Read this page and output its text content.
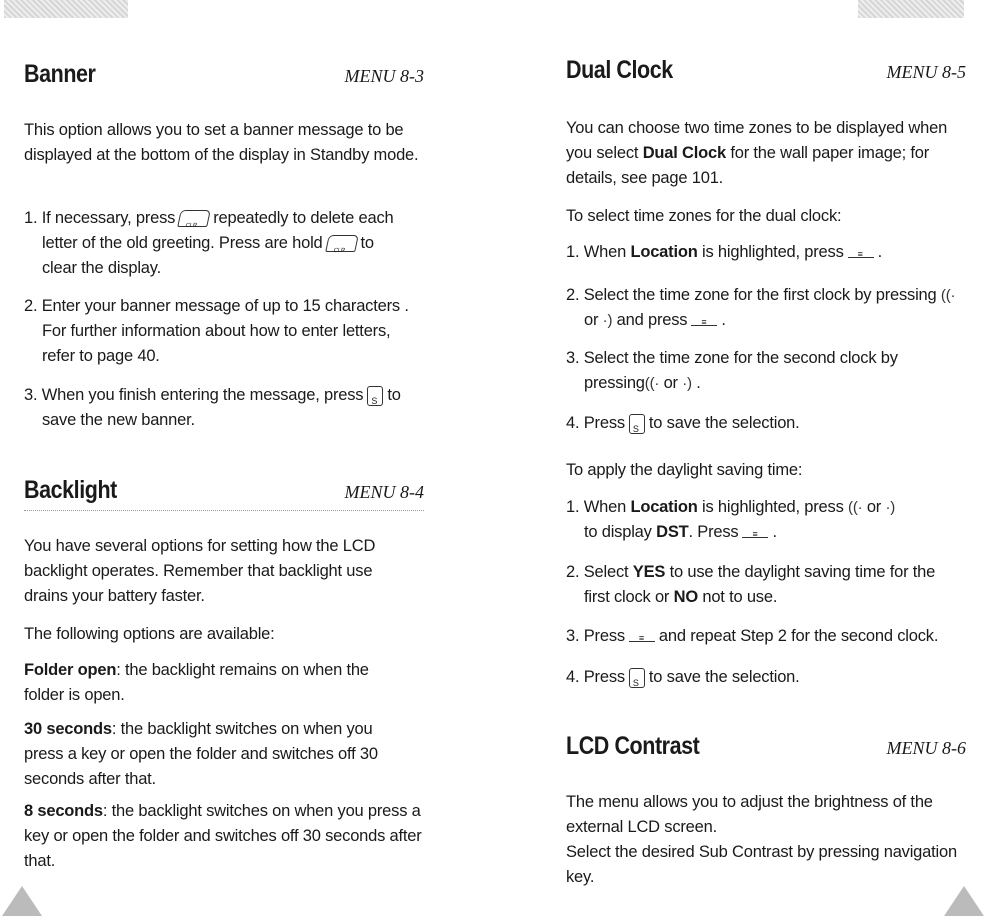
Banner	MENU 8-3
This option allows you to set a banner message to be displayed at the bottom of the display in Standby mode.
1. If necessary, press CLR repeatedly to delete each
letter of the old greeting. Press are hold CLR to
clear the display.
2. Enter your banner message of up to 15 characters .
For further information about how to enter letters,
refer to page 40.
3. When you finish entering the message, press S to
save the new banner.
Backlight	MENU 8-4
You have several options for setting how the LCD backlight operates. Remember that backlight use drains your battery faster.
The following options are available:
Folder open: the backlight remains on when the folder is open.
30 seconds: the backlight switches on when you press a key or open the folder and switches off 30 seconds after that.
8 seconds: the backlight switches on when you press a key or open the folder and switches off 30 seconds after that.
Dual Clock	MENU 8-5
You can choose two time zones to be displayed when you select Dual Clock for the wall paper image; for details, see page 101.
To select time zones for the dual clock:
1. When Location is highlighted, press ≡ .
2. Select the time zone for the first clock by pressing ((·
or ·) and press ≡ .
3. Select the time zone for the second clock by
pressing((· or ·) .
4. Press S to save the selection.
To apply the daylight saving time:
1. When Location is highlighted, press ((· or ·)
to display DST. Press ≡ .
2. Select YES to use the daylight saving time for the
first clock or NO not to use.
3. Press ≡ and repeat Step 2 for the second clock.
4. Press S to save the selection.
LCD Contrast	MENU 8-6
The menu allows you to adjust the brightness of the external LCD screen.
Select the desired Sub Contrast by pressing navigation key.
